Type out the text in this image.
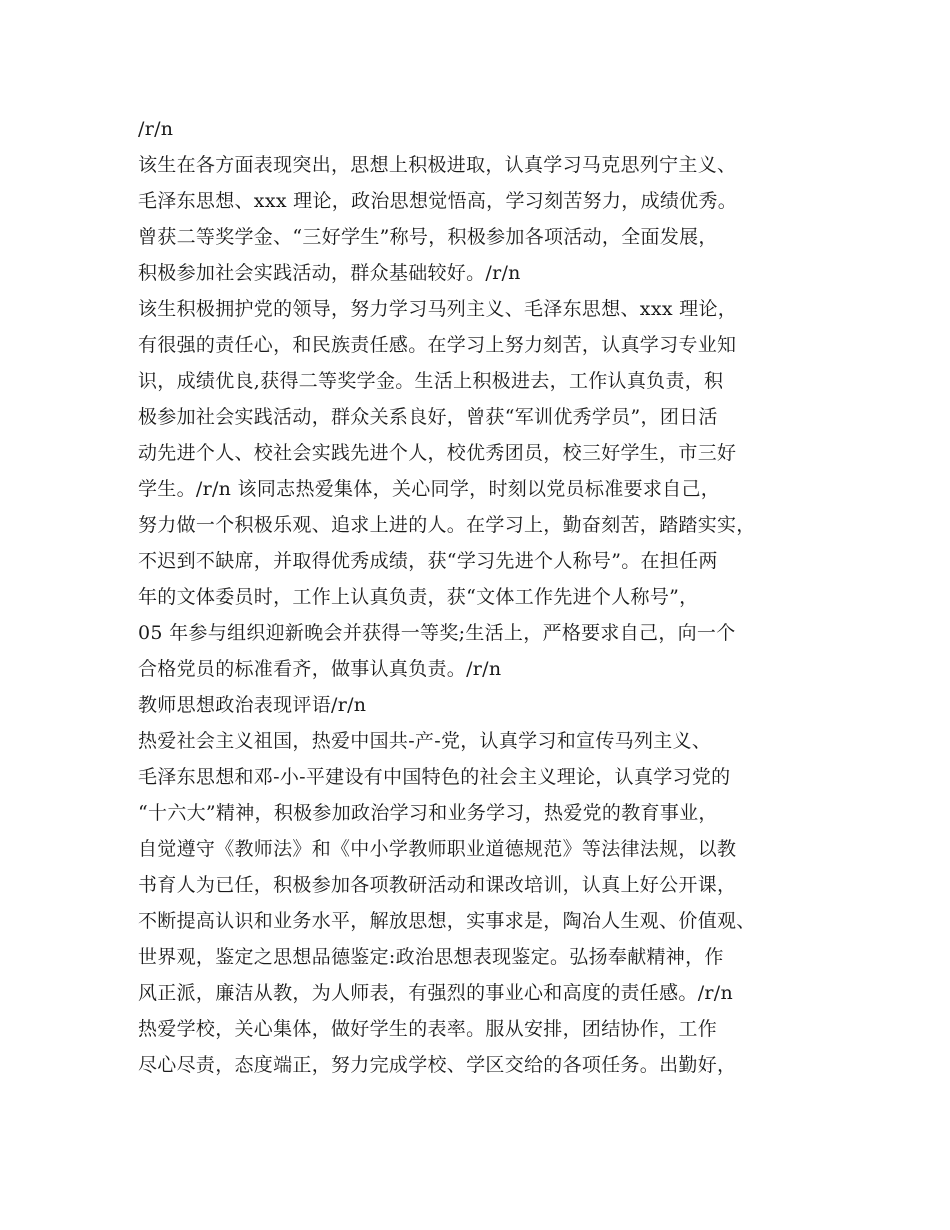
/r/n
该生在各方面表现突出，思想上积极进取，认真学习马克思列宁主义、
毛泽东思想、xxx 理论，政治思想觉悟高，学习刻苦努力，成绩优秀。
曾获二等奖学金、“三好学生”称号，积极参加各项活动，全面发展，
积极参加社会实践活动，群众基础较好。/r/n
该生积极拥护党的领导，努力学习马列主义、毛泽东思想、xxx 理论，
有很强的责任心，和民族责任感。在学习上努力刻苦，认真学习专业知
识，成绩优良,获得二等奖学金。生活上积极进去，工作认真负责，积
极参加社会实践活动，群众关系良好，曾获“军训优秀学员”，团日活
动先进个人、校社会实践先进个人，校优秀团员，校三好学生，市三好
学生。/r/n 该同志热爱集体，关心同学，时刻以党员标准要求自己，
努力做一个积极乐观、追求上进的人。在学习上，勤奋刻苦，踏踏实实，
不迟到不缺席，并取得优秀成绩，获“学习先进个人称号”。在担任两
年的文体委员时，工作上认真负责，获“文体工作先进个人称号”，
05 年参与组织迎新晚会并获得一等奖;生活上，严格要求自己，向一个
合格党员的标准看齐，做事认真负责。/r/n
教师思想政治表现评语/r/n
热爱社会主义祖国，热爱中国共-产-党，认真学习和宣传马列主义、
毛泽东思想和邓-小-平建设有中国特色的社会主义理论，认真学习党的
“十六大”精神，积极参加政治学习和业务学习，热爱党的教育事业，
自觉遵守《教师法》和《中小学教师职业道德规范》等法律法规，以教
书育人为已任，积极参加各项教研活动和课改培训，认真上好公开课，
不断提高认识和业务水平，解放思想，实事求是，陶冶人生观、价值观、
世界观，鉴定之思想品德鉴定:政治思想表现鉴定。弘扬奉献精神，作
风正派，廉洁从教，为人师表，有强烈的事业心和高度的责任感。/r/n
热爱学校，关心集体，做好学生的表率。服从安排，团结协作，工作
尽心尽责，态度端正，努力完成学校、学区交给的各项任务。出勤好，
